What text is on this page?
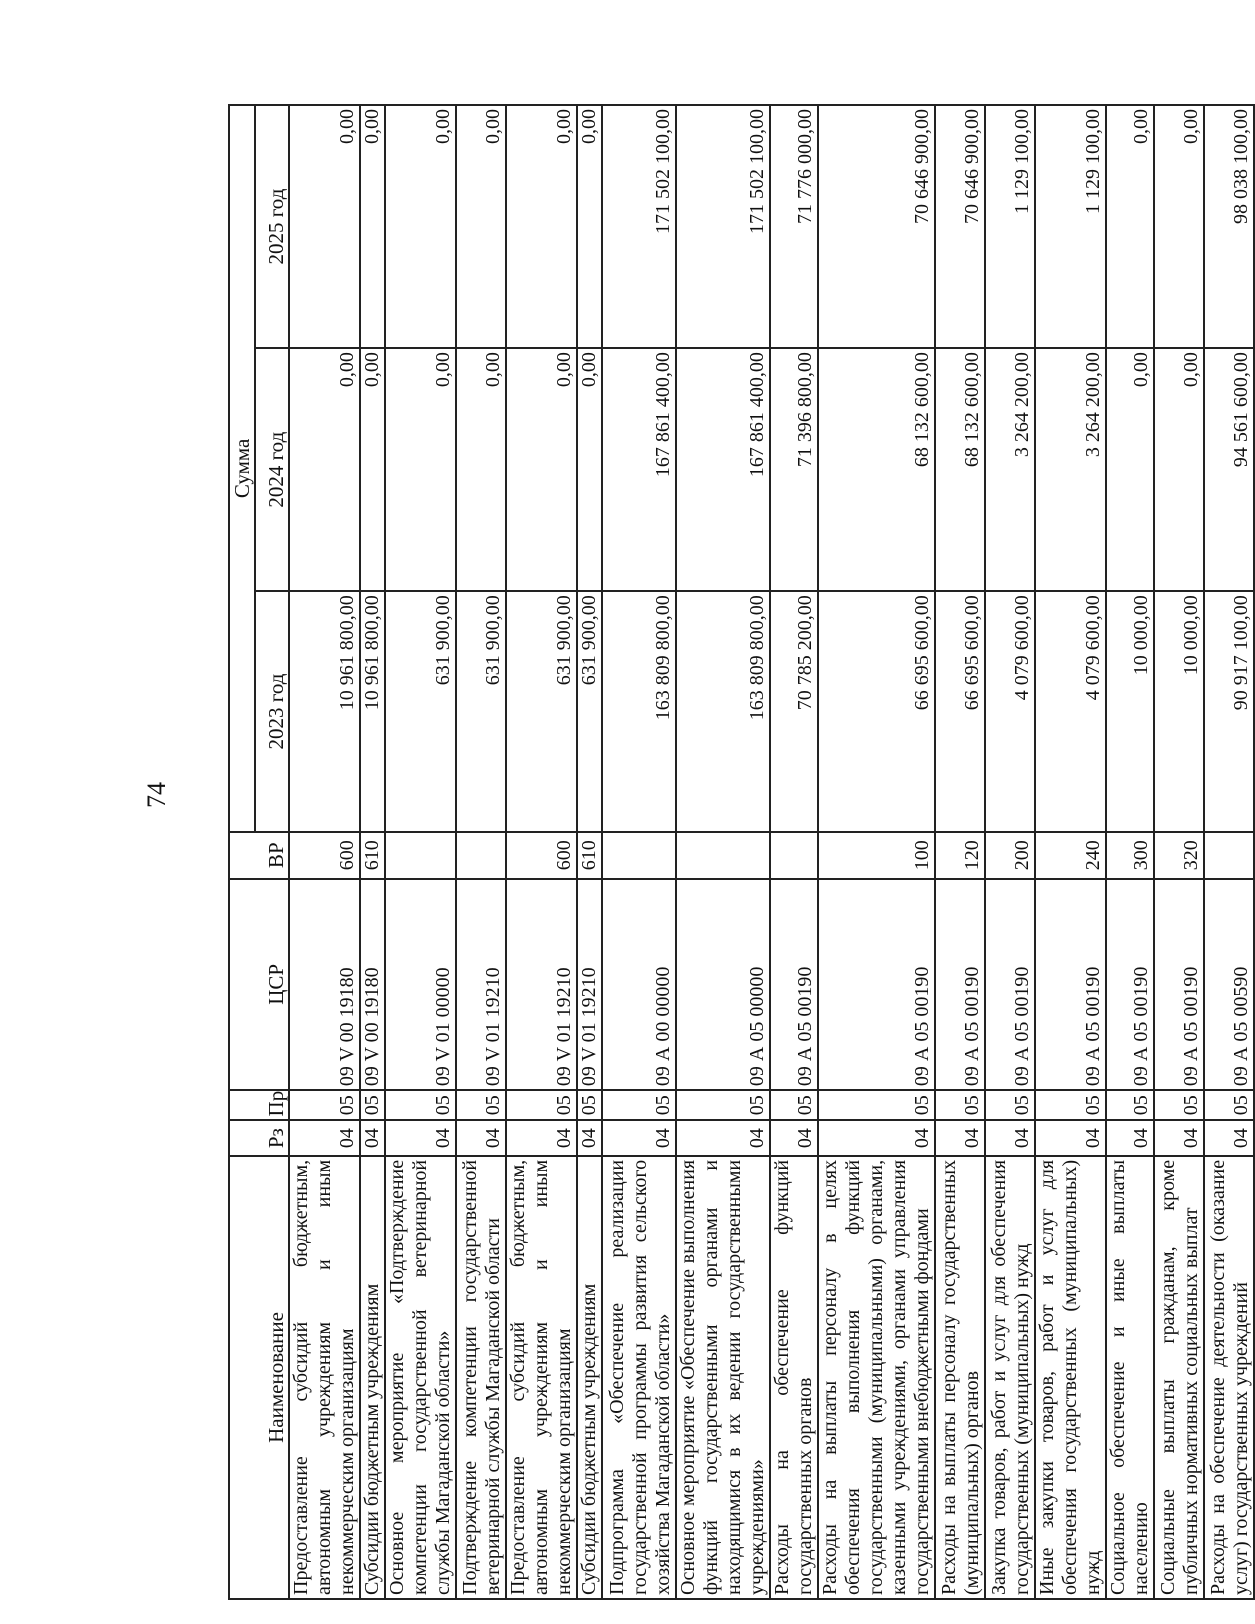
74
Наименование	Рз	Пр	ЦСР	ВР	Сумма		
					2023 год	2024 год	2025 год
Предоставление субсидий бюджетным, автономным учреждениям и иным некоммерческим организациям	04	05	09 V 00 19180	600	10 961 800,00	0,00	0,00
Субсидии бюджетным учреждениям	04	05	09 V 00 19180	610	10 961 800,00	0,00	0,00
Основное мероприятие «Подтверждение компетенции государственной ветеринарной службы Магаданской области»	04	05	09 V 01 00000		631 900,00	0,00	0,00
Подтверждение компетенции государственной ветеринарной службы Магаданской области	04	05	09 V 01 19210		631 900,00	0,00	0,00
Предоставление субсидий бюджетным, автономным учреждениям и иным некоммерческим организациям	04	05	09 V 01 19210	600	631 900,00	0,00	0,00
Субсидии бюджетным учреждениям	04	05	09 V 01 19210	610	631 900,00	0,00	0,00
Подпрограмма «Обеспечение реализации государственной программы развития сельского хозяйства Магаданской области»	04	05	09 А 00 00000		163 809 800,00	167 861 400,00	171 502 100,00
Основное мероприятие «Обеспечение выполнения функций государственными органами и находящимися в их ведении государственными учреждениями»	04	05	09 А 05 00000		163 809 800,00	167 861 400,00	171 502 100,00
Расходы на обеспечение функций государственных органов	04	05	09 А 05 00190		70 785 200,00	71 396 800,00	71 776 000,00
Расходы на выплаты персоналу в целях обеспечения выполнения функций государственными (муниципальными) органами, казенными учреждениями, органами управления государственными внебюджетными фондами	04	05	09 А 05 00190	100	66 695 600,00	68 132 600,00	70 646 900,00
Расходы на выплаты персоналу государственных (муниципальных) органов	04	05	09 А 05 00190	120	66 695 600,00	68 132 600,00	70 646 900,00
Закупка товаров, работ и услуг для обеспечения государственных (муниципальных) нужд	04	05	09 А 05 00190	200	4 079 600,00	3 264 200,00	1 129 100,00
Иные закупки товаров, работ и услуг для обеспечения государственных (муниципальных) нужд	04	05	09 А 05 00190	240	4 079 600,00	3 264 200,00	1 129 100,00
Социальное обеспечение и иные выплаты населению	04	05	09 А 05 00190	300	10 000,00	0,00	0,00
Социальные выплаты гражданам, кроме публичных нормативных социальных выплат	04	05	09 А 05 00190	320	10 000,00	0,00	0,00
Расходы на обеспечение деятельности (оказание услуг) государственных учреждений	04	05	09 А 05 00590		90 917 100,00	94 561 600,00	98 038 100,00
